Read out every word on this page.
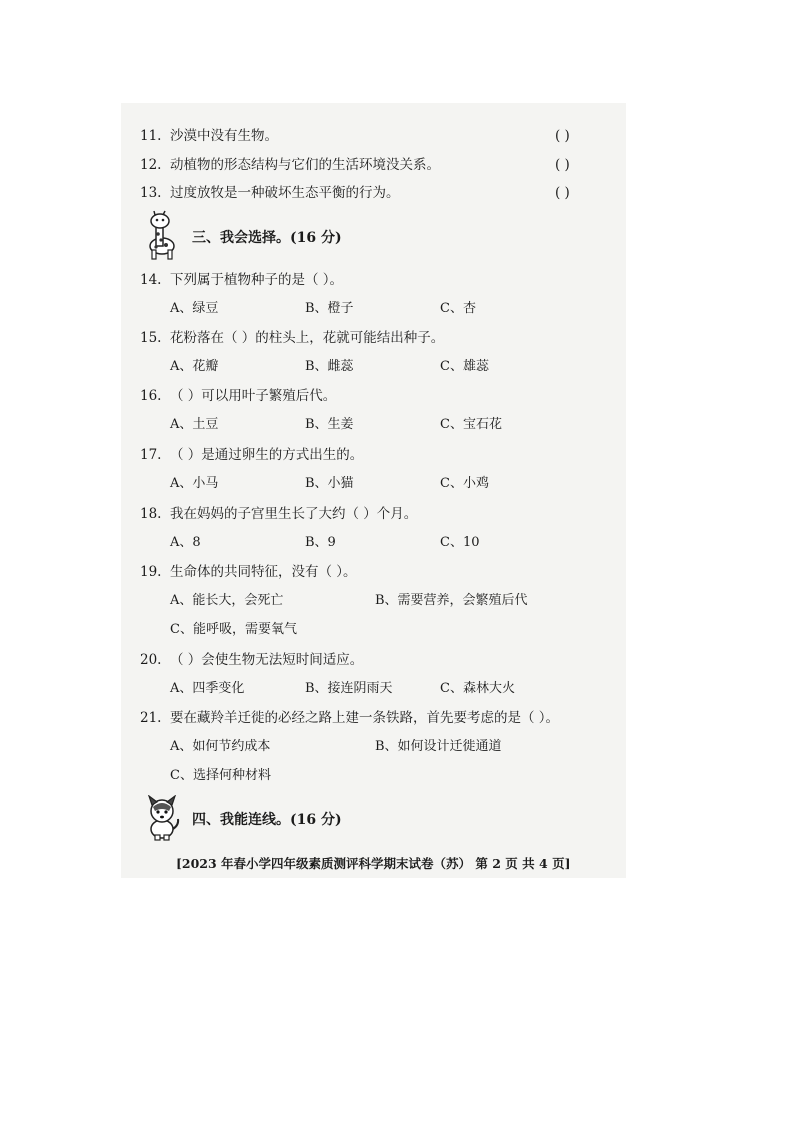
11. 沙漠中没有生物。	( )
12. 动植物的形态结构与它们的生活环境没关系。	( )
13. 过度放牧是一种破坏生态平衡的行为。	( )
三、我会选择。(16 分)
14. 下列属于植物种子的是（ ）。
A、绿豆	B、橙子	C、杏
15. 花粉落在（ ）的柱头上，花就可能结出种子。
A、花瓣	B、雌蕊	C、雄蕊
16. （ ）可以用叶子繁殖后代。
A、土豆	B、生姜	C、宝石花
17. （ ）是通过卵生的方式出生的。
A、小马	B、小猫	C、小鸡
18. 我在妈妈的子宫里生长了大约（ ）个月。
A、8	B、9	C、10
19. 生命体的共同特征，没有（ ）。
A、能长大，会死亡	B、需要营养，会繁殖后代
C、能呼吸，需要氧气
20. （ ）会使生物无法短时间适应。
A、四季变化	B、接连阴雨天	C、森林大火
21. 要在藏羚羊迁徙的必经之路上建一条铁路，首先要考虑的是（ ）。
A、如何节约成本	B、如何设计迁徙通道
C、选择何种材料
四、我能连线。(16 分)
[2023 年春小学四年级素质测评科学期末试卷（苏） 第 2 页 共 4 页]
